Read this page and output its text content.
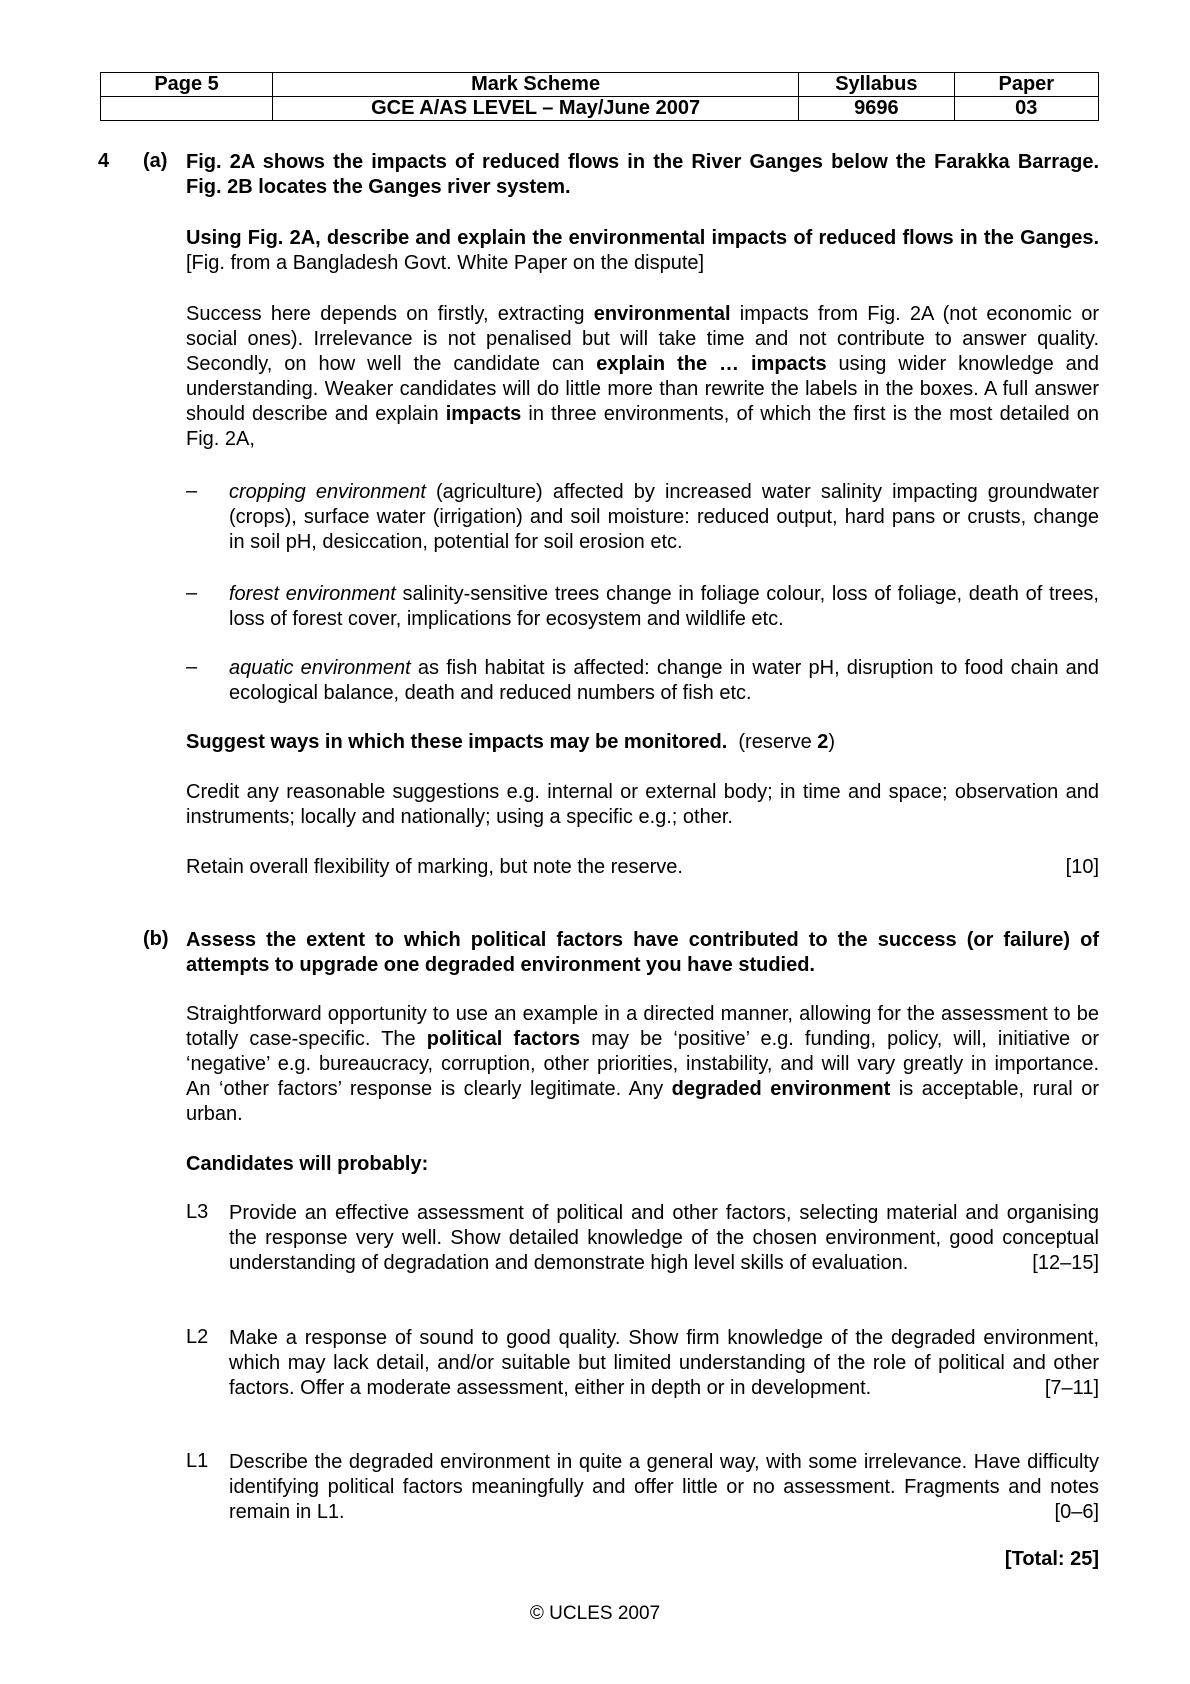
Page 5	Mark Scheme	Syllabus	Paper
	GCE A/AS LEVEL – May/June 2007	9696	03
4 (a) Fig. 2A shows the impacts of reduced flows in the River Ganges below the Farakka Barrage. Fig. 2B locates the Ganges river system.
Using Fig. 2A, describe and explain the environmental impacts of reduced flows in the Ganges. [Fig. from a Bangladesh Govt. White Paper on the dispute]
Success here depends on firstly, extracting environmental impacts from Fig. 2A (not economic or social ones). Irrelevance is not penalised but will take time and not contribute to answer quality. Secondly, on how well the candidate can explain the … impacts using wider knowledge and understanding. Weaker candidates will do little more than rewrite the labels in the boxes. A full answer should describe and explain impacts in three environments, of which the first is the most detailed on Fig. 2A,
– cropping environment (agriculture) affected by increased water salinity impacting groundwater (crops), surface water (irrigation) and soil moisture: reduced output, hard pans or crusts, change in soil pH, desiccation, potential for soil erosion etc.
– forest environment salinity-sensitive trees change in foliage colour, loss of foliage, death of trees, loss of forest cover, implications for ecosystem and wildlife etc.
– aquatic environment as fish habitat is affected: change in water pH, disruption to food chain and ecological balance, death and reduced numbers of fish etc.
Suggest ways in which these impacts may be monitored. (reserve 2)
Credit any reasonable suggestions e.g. internal or external body; in time and space; observation and instruments; locally and nationally; using a specific e.g.; other.
Retain overall flexibility of marking, but note the reserve.	[10]
(b) Assess the extent to which political factors have contributed to the success (or failure) of attempts to upgrade one degraded environment you have studied.
Straightforward opportunity to use an example in a directed manner, allowing for the assessment to be totally case-specific. The political factors may be ‘positive’ e.g. funding, policy, will, initiative or ‘negative’ e.g. bureaucracy, corruption, other priorities, instability, and will vary greatly in importance. An ‘other factors’ response is clearly legitimate. Any degraded environment is acceptable, rural or urban.
Candidates will probably:
L3 Provide an effective assessment of political and other factors, selecting material and organising the response very well. Show detailed knowledge of the chosen environment, good conceptual understanding of degradation and demonstrate high level skills of evaluation.	[12–15]
L2 Make a response of sound to good quality. Show firm knowledge of the degraded environment, which may lack detail, and/or suitable but limited understanding of the role of political and other factors. Offer a moderate assessment, either in depth or in development.	[7–11]
L1 Describe the degraded environment in quite a general way, with some irrelevance. Have difficulty identifying political factors meaningfully and offer little or no assessment. Fragments and notes remain in L1.	[0–6]
[Total: 25]
© UCLES 2007
